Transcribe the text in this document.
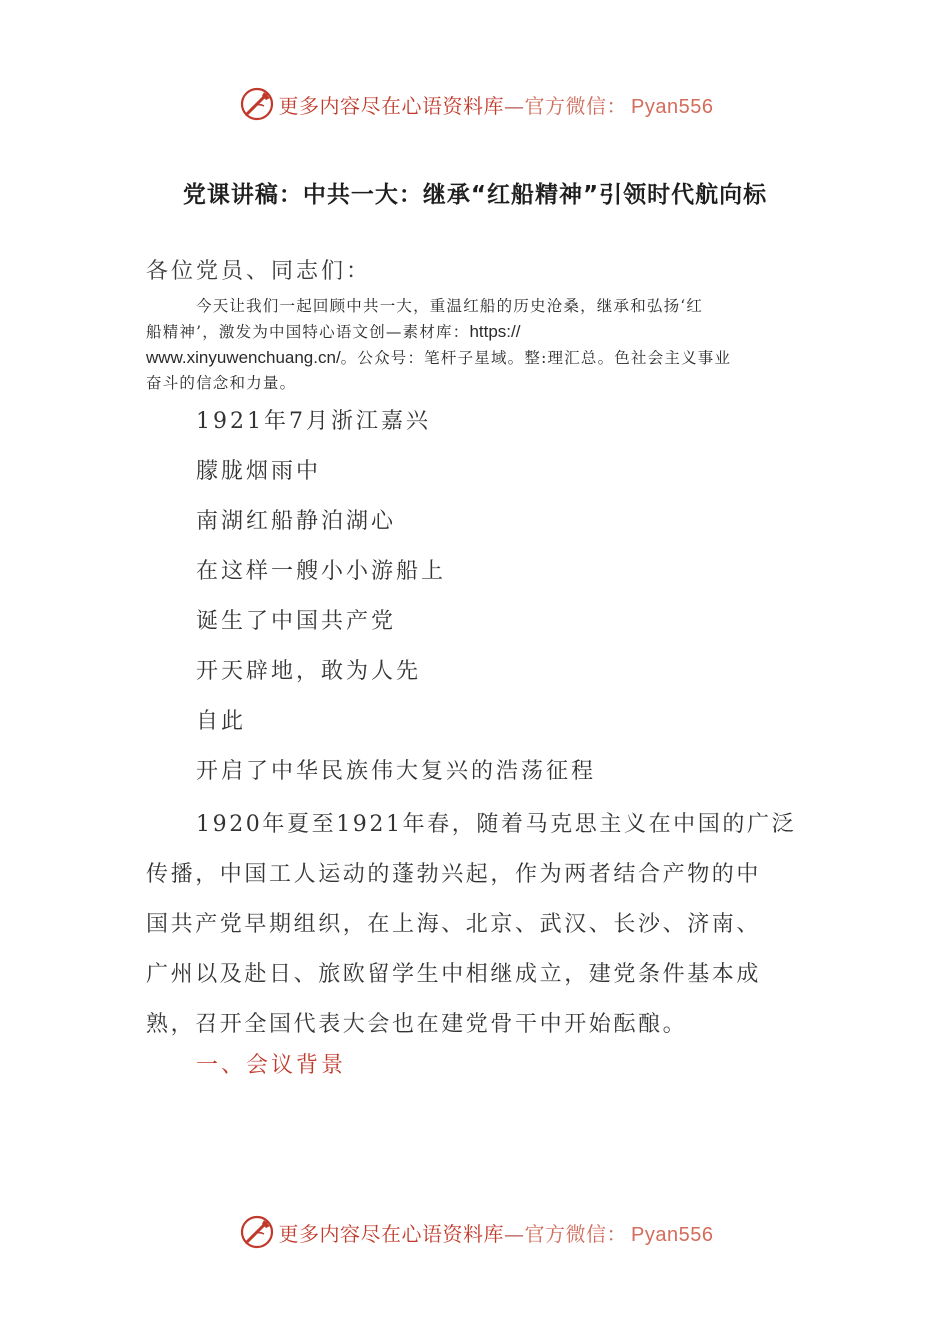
更多内容尽在心语资料库—官方微信： Pyan556
党课讲稿：中共一大：继承“红船精神”引领时代航向标
各位党员、同志们：
今天让我们一起回顾中共一大，重温红船的历史沧桑，继承和弘扬‘红
船精神’，激发为中国特心语文创—素材库：https://
www.xinyuwenchuang.cn/。公众号：笔杆子星域。整:理汇总。色社会主义事业
奋斗的信念和力量。
1921年7月浙江嘉兴
朦胧烟雨中
南湖红船静泊湖心
在这样一艘小小游船上
诞生了中国共产党
开天辟地，敢为人先
自此
开启了中华民族伟大复兴的浩荡征程
1920年夏至1921年春，随着马克思主义在中国的广泛
传播，中国工人运动的蓬勃兴起，作为两者结合产物的中
国共产党早期组织，在上海、北京、武汉、长沙、济南、
广州以及赴日、旅欧留学生中相继成立，建党条件基本成
熟，召开全国代表大会也在建党骨干中开始酝酿。
一、会议背景
更多内容尽在心语资料库—官方微信： Pyan556
